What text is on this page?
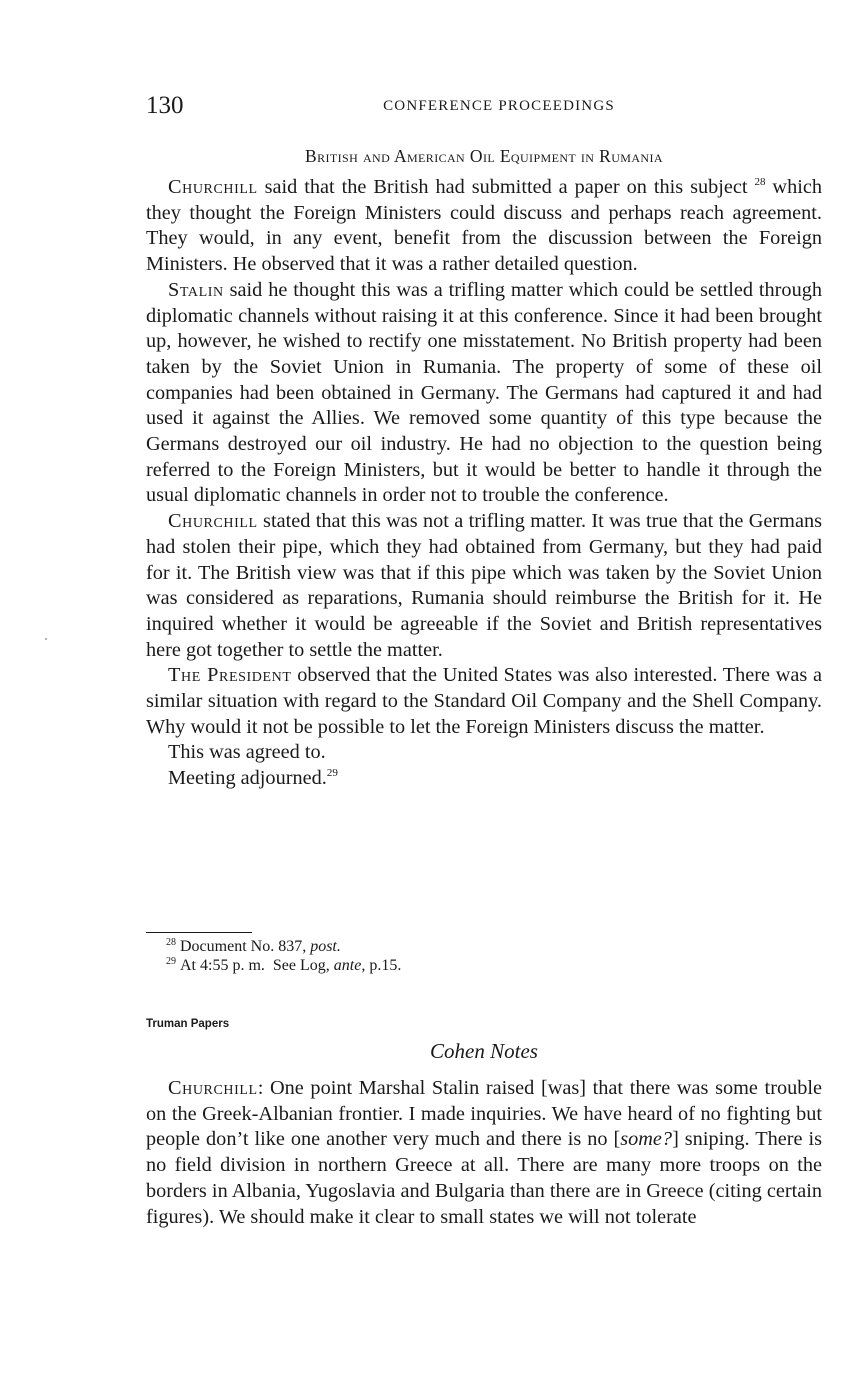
130	CONFERENCE PROCEEDINGS
British and American Oil Equipment in Rumania

Churchill said that the British had submitted a paper on this subject $^{28}$ which they thought the Foreign Ministers could discuss and perhaps reach agreement. They would, in any event, benefit from the discussion between the Foreign Ministers. He observed that it was a rather detailed question.

Stalin said he thought this was a trifling matter which could be settled through diplomatic channels without raising it at this conference. Since it had been brought up, however, he wished to rectify one misstatement. No British property had been taken by the Soviet Union in Rumania. The property of some of these oil companies had been obtained in Germany. The Germans had captured it and had used it against the Allies. We removed some quantity of this type because the Germans destroyed our oil industry. He had no objection to the question being referred to the Foreign Ministers, but it would be better to handle it through the usual diplomatic channels in order not to trouble the conference.

Churchill stated that this was not a trifling matter. It was true that the Germans had stolen their pipe, which they had obtained from Germany, but they had paid for it. The British view was that if this pipe which was taken by the Soviet Union was considered as reparations, Rumania should reimburse the British for it. He inquired whether it would be agreeable if the Soviet and British representatives here got together to settle the matter.

The President observed that the United States was also interested. There was a similar situation with regard to the Standard Oil Company and the Shell Company. Why would it not be possible to let the Foreign Ministers discuss the matter.

This was agreed to.

Meeting adjourned.$^{29}$

$^{28}$ Document No. 837, post.
$^{29}$ At 4:55 p. m.  See Log, ante, p.15.
Truman Papers
Cohen Notes

Churchill: One point Marshal Stalin raised [was] that there was some trouble on the Greek-Albanian frontier. I made inquiries. We have heard of no fighting but people don’t like one another very much and there is no [some?] sniping. There is no field division in northern Greece at all. There are many more troops on the borders in Albania, Yugoslavia and Bulgaria than there are in Greece (citing certain figures). We should make it clear to small states we will not tolerate
